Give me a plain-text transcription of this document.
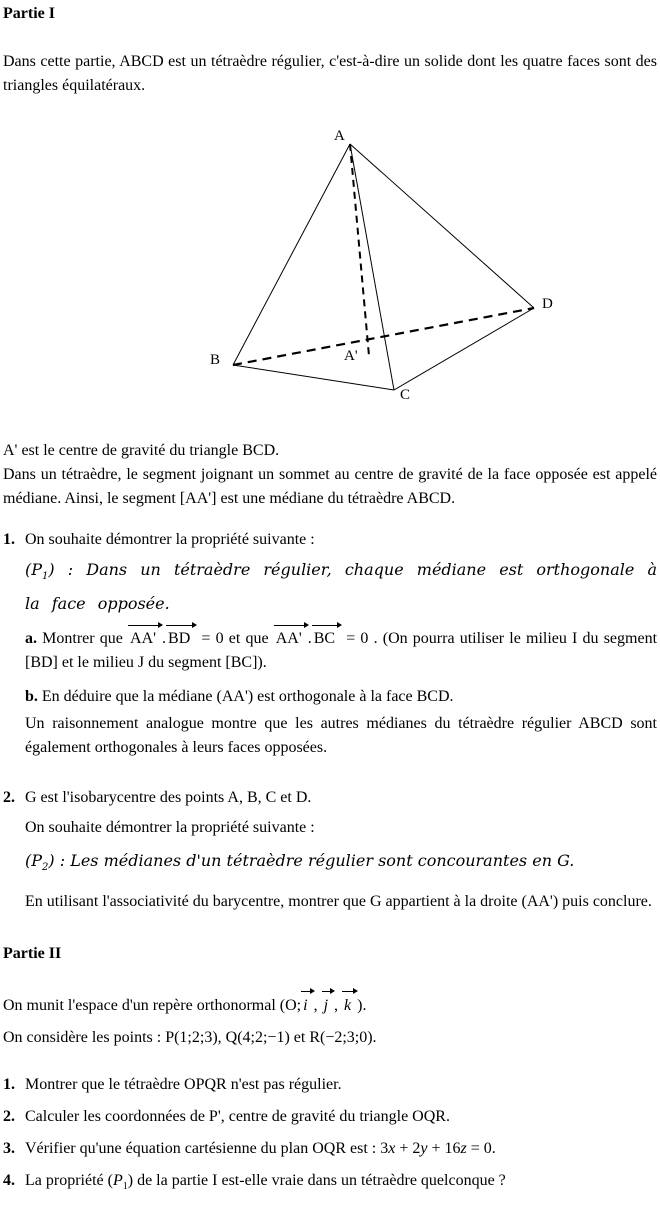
Partie I

Dans cette partie, ABCD est un tétraèdre régulier, c'est-à-dire un solide dont les quatre faces sont des triangles équilatéraux.

A
B
C
D
A'

A' est le centre de gravité du triangle BCD.

Dans un tétraèdre, le segment joignant un sommet au centre de gravité de la face opposée est appelé médiane. Ainsi, le segment [AA'] est une médiane du tétraèdre ABCD.

1. On souhaite démontrer la propriété suivante :

$(P_1)$ : Dans un tétraèdre régulier, chaque médiane est orthogonale à la face opposée.

a. Montrer que AA' . BD = 0 et que AA' . BC = 0 . (On pourra utiliser le milieu I du segment [BD] et le milieu J du segment [BC]).

b. En déduire que la médiane (AA') est orthogonale à la face BCD.

Un raisonnement analogue montre que les autres médianes du tétraèdre régulier ABCD sont également orthogonales à leurs faces opposées.

2. G est l'isobarycentre des points A, B, C et D.

On souhaite démontrer la propriété suivante :

$(P_2)$ : Les médianes d'un tétraèdre régulier sont concourantes en G.

En utilisant l'associativité du barycentre, montrer que G appartient à la droite (AA') puis conclure.

Partie II

On munit l'espace d'un repère orthonormal (O; i , j , k ).

On considère les points : P(1;2;3), Q(4;2;−1) et R(−2;3;0).

1. Montrer que le tétraèdre OPQR n'est pas régulier.

2. Calculer les coordonnées de P', centre de gravité du triangle OQR.

3. Vérifier qu'une équation cartésienne du plan OQR est : 3x + 2y + 16z = 0.

4. La propriété $(P_1)$ de la partie I est-elle vraie dans un tétraèdre quelconque ?
